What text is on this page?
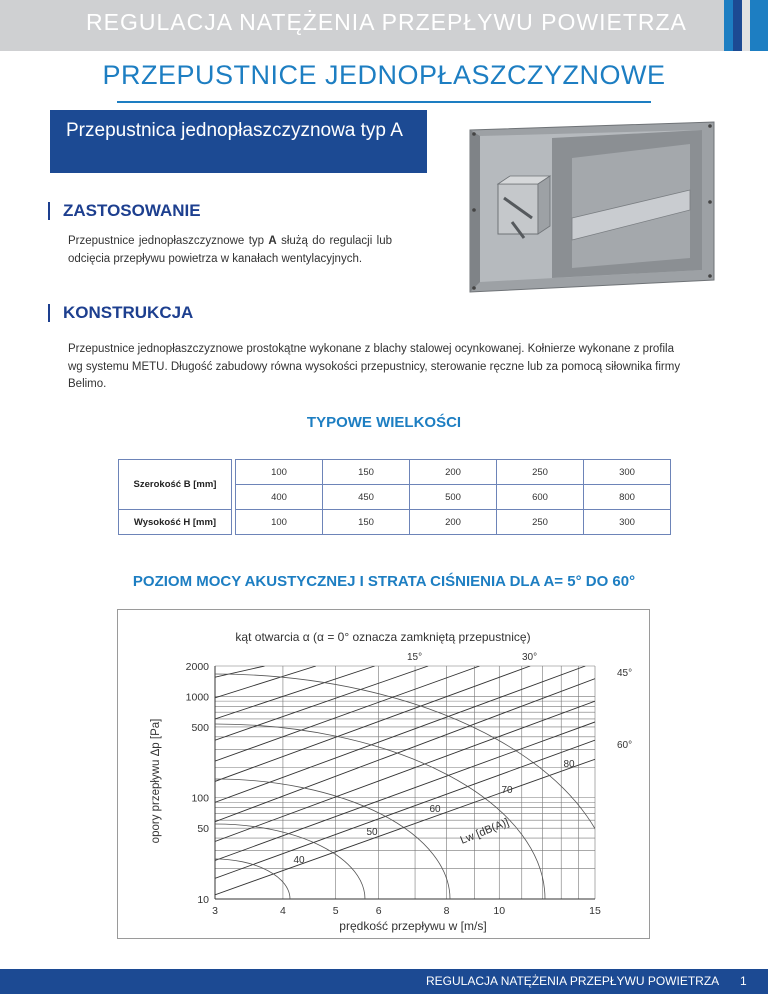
REGULACJA NATĘŻENIA PRZEPŁYWU POWIETRZA
PRZEPUSTNICE JEDNOPŁASZCZYZNOWE
Przepustnica jednopłaszczyznowa typ A
ZASTOSOWANIE
Przepustnice jednopłaszczyznowe typ A służą do regulacji lub odcięcia przepływu powietrza w kanałach wentylacyjnych.
KONSTRUKCJA
Przepustnice jednopłaszczyznowe prostokątne wykonane z blachy stalowej ocynkowanej. Kołnierze wykonane z profila wg systemu METU. Długość zabudowy równa wysokości przepustnicy, sterowanie ręczne lub za pomocą siłownika firmy Belimo.
TYPOWE WIELKOŚCI
Szerokość B [mm]		100	150	200	250	300
		400	450	500	600	800
Wysokość H [mm]		100	150	200	250	300
POZIOM MOCY AKUSTYCZNEJ I STRATA CIŚNIENIA DLA A= 5° DO 60°
kąt otwarcia α (α = 0° oznacza zamkniętą przepustnicę)
prędkość przepływu w [m/s]
opory przepływu Δp [Pa]
3	4	5	6	8	10	15
10
50
100
500
1000
2000
15°	30°
45°
60°
40
50
60
70
80
Lw [dB(A)]
REGULACJA NATĘŻENIA PRZEPŁYWU POWIETRZA 1
